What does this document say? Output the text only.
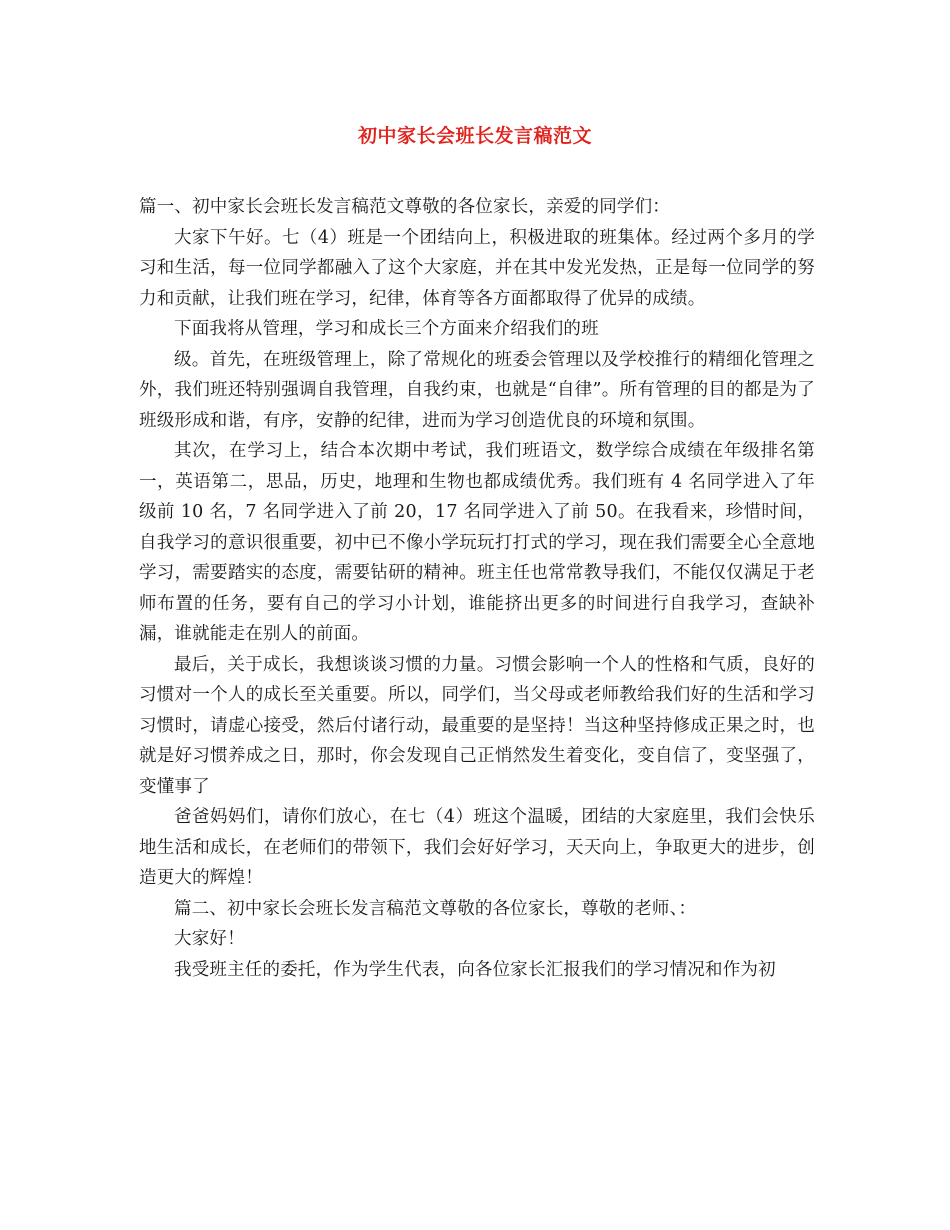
初中家长会班长发言稿范文

篇一、初中家长会班长发言稿范文尊敬的各位家长，亲爱的同学们：

大家下午好。七（4）班是一个团结向上，积极进取的班集体。经过两个多月的学习和生活，每一位同学都融入了这个大家庭，并在其中发光发热，正是每一位同学的努力和贡献，让我们班在学习，纪律，体育等各方面都取得了优异的成绩。

下面我将从管理，学习和成长三个方面来介绍我们的班

级。首先，在班级管理上，除了常规化的班委会管理以及学校推行的精细化管理之外，我们班还特别强调自我管理，自我约束，也就是“自律”。所有管理的目的都是为了班级形成和谐，有序，安静的纪律，进而为学习创造优良的环境和氛围。

其次，在学习上，结合本次期中考试，我们班语文，数学综合成绩在年级排名第一，英语第二，思品，历史，地理和生物也都成绩优秀。我们班有 4 名同学进入了年级前 10 名，7 名同学进入了前 20，17 名同学进入了前 50。在我看来，珍惜时间，自我学习的意识很重要，初中已不像小学玩玩打打式的学习，现在我们需要全心全意地学习，需要踏实的态度，需要钻研的精神。班主任也常常教导我们，不能仅仅满足于老师布置的任务，要有自己的学习小计划，谁能挤出更多的时间进行自我学习，查缺补漏，谁就能走在别人的前面。

最后，关于成长，我想谈谈习惯的力量。习惯会影响一个人的性格和气质，良好的习惯对一个人的成长至关重要。所以，同学们，当父母或老师教给我们好的生活和学习习惯时，请虚心接受，然后付诸行动，最重要的是坚持！当这种坚持修成正果之时，也就是好习惯养成之日，那时，你会发现自己正悄然发生着变化，变自信了，变坚强了，变懂事了

爸爸妈妈们，请你们放心，在七（4）班这个温暖，团结的大家庭里，我们会快乐地生活和成长，在老师们的带领下，我们会好好学习，天天向上，争取更大的进步，创造更大的辉煌！

篇二、初中家长会班长发言稿范文尊敬的各位家长，尊敬的老师、：

大家好！

我受班主任的委托，作为学生代表，向各位家长汇报我们的学习情况和作为初
